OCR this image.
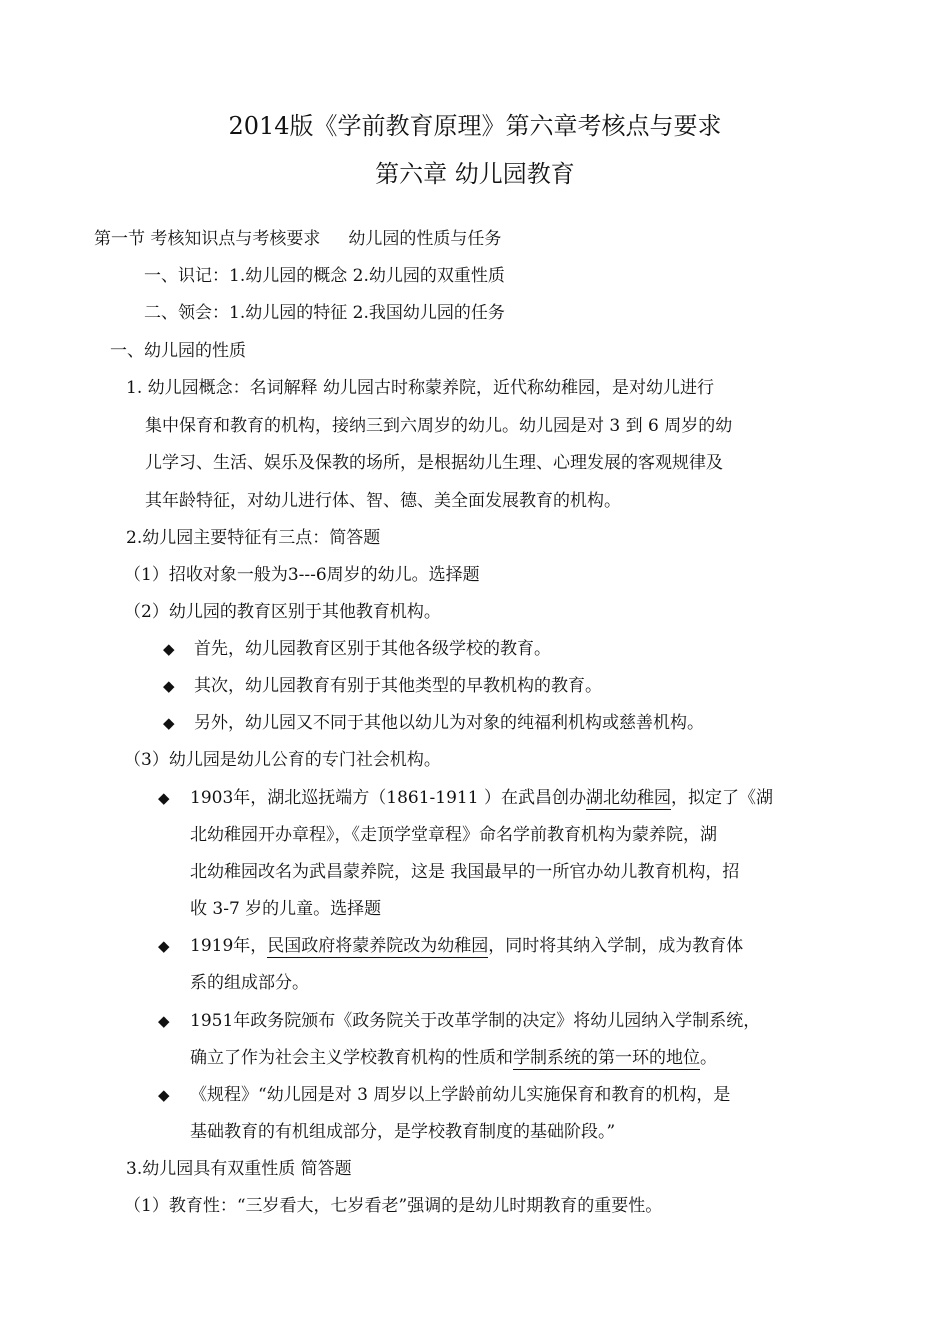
2014版《学前教育原理》第六章考核点与要求
第六章 幼儿园教育
第一节 考核知识点与考核要求 幼儿园的性质与任务
一、识记：1.幼儿园的概念 2.幼儿园的双重性质
二、领会：1.幼儿园的特征 2.我国幼儿园的任务
一、幼儿园的性质
1. 幼儿园概念：名词解释 幼儿园古时称蒙养院，近代称幼稚园，是对幼儿进行
集中保育和教育的机构，接纳三到六周岁的幼儿。幼儿园是对 3 到 6 周岁的幼
儿学习、生活、娱乐及保教的场所，是根据幼儿生理、心理发展的客观规律及
其年龄特征，对幼儿进行体、智、德、美全面发展教育的机构。
2.幼儿园主要特征有三点：简答题
（1）招收对象一般为3---6周岁的幼儿。选择题
（2）幼儿园的教育区别于其他教育机构。
◆ 首先，幼儿园教育区别于其他各级学校的教育。
◆ 其次，幼儿园教育有别于其他类型的早教机构的教育。
◆ 另外，幼儿园又不同于其他以幼儿为对象的纯福利机构或慈善机构。
（3）幼儿园是幼儿公育的专门社会机构。
◆ 1903年，湖北巡抚端方（1861-1911 ）在武昌创办湖北幼稚园，拟定了《湖
北幼稚园开办章程》，《走顶学堂章程》命名学前教育机构为蒙养院，湖
北幼稚园改名为武昌蒙养院，这是 我国最早的一所官办幼儿教育机构，招
收 3-7 岁的儿童。选择题
◆ 1919年，民国政府将蒙养院改为幼稚园，同时将其纳入学制，成为教育体
系的组成部分。
◆ 1951年政务院颁布《政务院关于改革学制的决定》将幼儿园纳入学制系统，
确立了作为社会主义学校教育机构的性质和学制系统的第一环的地位。
◆ 《规程》“幼儿园是对 3 周岁以上学龄前幼儿实施保育和教育的机构，是
基础教育的有机组成部分，是学校教育制度的基础阶段。”
3.幼儿园具有双重性质 简答题
（1）教育性：“三岁看大，七岁看老”强调的是幼儿时期教育的重要性。
